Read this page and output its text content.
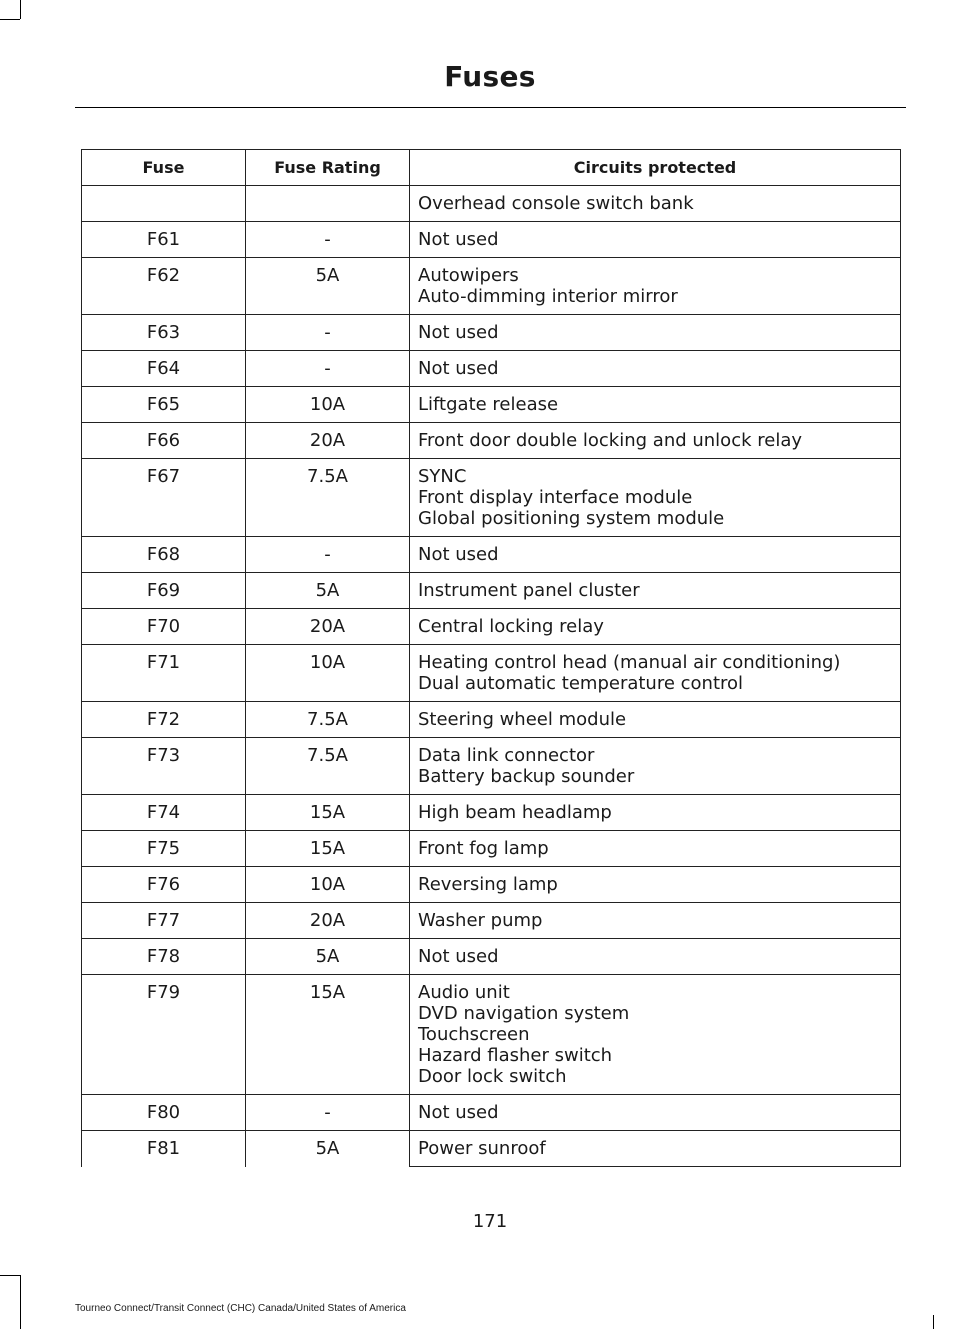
Fuses
Fuse	Fuse Rating	Circuits protected

		Overhead console switch bank

F61	-	Not used

F62	5A	Autowipers
Auto-dimming interior mirror

F63	-	Not used

F64	-	Not used

F65	10A	Liftgate release

F66	20A	Front door double locking and unlock relay

F67	7.5A	SYNC
Front display interface module
Global positioning system module

F68	-	Not used

F69	5A	Instrument panel cluster

F70	20A	Central locking relay

F71	10A	Heating control head (manual air conditioning)
Dual automatic temperature control

F72	7.5A	Steering wheel module

F73	7.5A	Data link connector
Battery backup sounder

F74	15A	High beam headlamp

F75	15A	Front fog lamp

F76	10A	Reversing lamp

F77	20A	Washer pump

F78	5A	Not used

F79	15A	Audio unit
DVD navigation system
Touchscreen
Hazard flasher switch
Door lock switch

F80	-	Not used

F81	5A	Power sunroof
171
Tourneo Connect/Transit Connect (CHC) Canada/United States of America
